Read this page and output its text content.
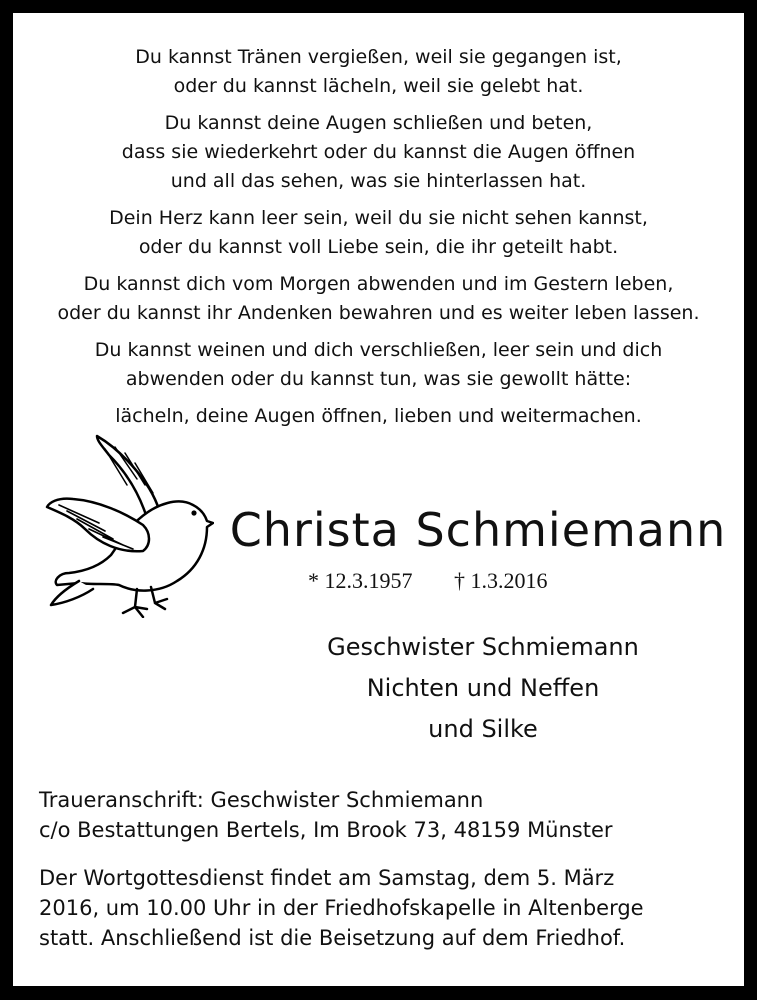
Du kannst Tränen vergießen, weil sie gegangen ist,
oder du kannst lächeln, weil sie gelebt hat.
Du kannst deine Augen schließen und beten,
dass sie wiederkehrt oder du kannst die Augen öffnen
und all das sehen, was sie hinterlassen hat.
Dein Herz kann leer sein, weil du sie nicht sehen kannst,
oder du kannst voll Liebe sein, die ihr geteilt habt.
Du kannst dich vom Morgen abwenden und im Gestern leben,
oder du kannst ihr Andenken bewahren und es weiter leben lassen.
Du kannst weinen und dich verschließen, leer sein und dich
abwenden oder du kannst tun, was sie gewollt hätte:
lächeln, deine Augen öffnen, lieben und weitermachen.
Christa Schmiemann
* 12.3.1957 † 1.3.2016
Geschwister Schmiemann
Nichten und Neffen
und Silke
Traueranschrift: Geschwister Schmiemann
c/o Bestattungen Bertels, Im Brook 73, 48159 Münster
Der Wortgottesdienst findet am Samstag, dem 5. März
2016, um 10.00 Uhr in der Friedhofskapelle in Altenberge
statt. Anschließend ist die Beisetzung auf dem Friedhof.
